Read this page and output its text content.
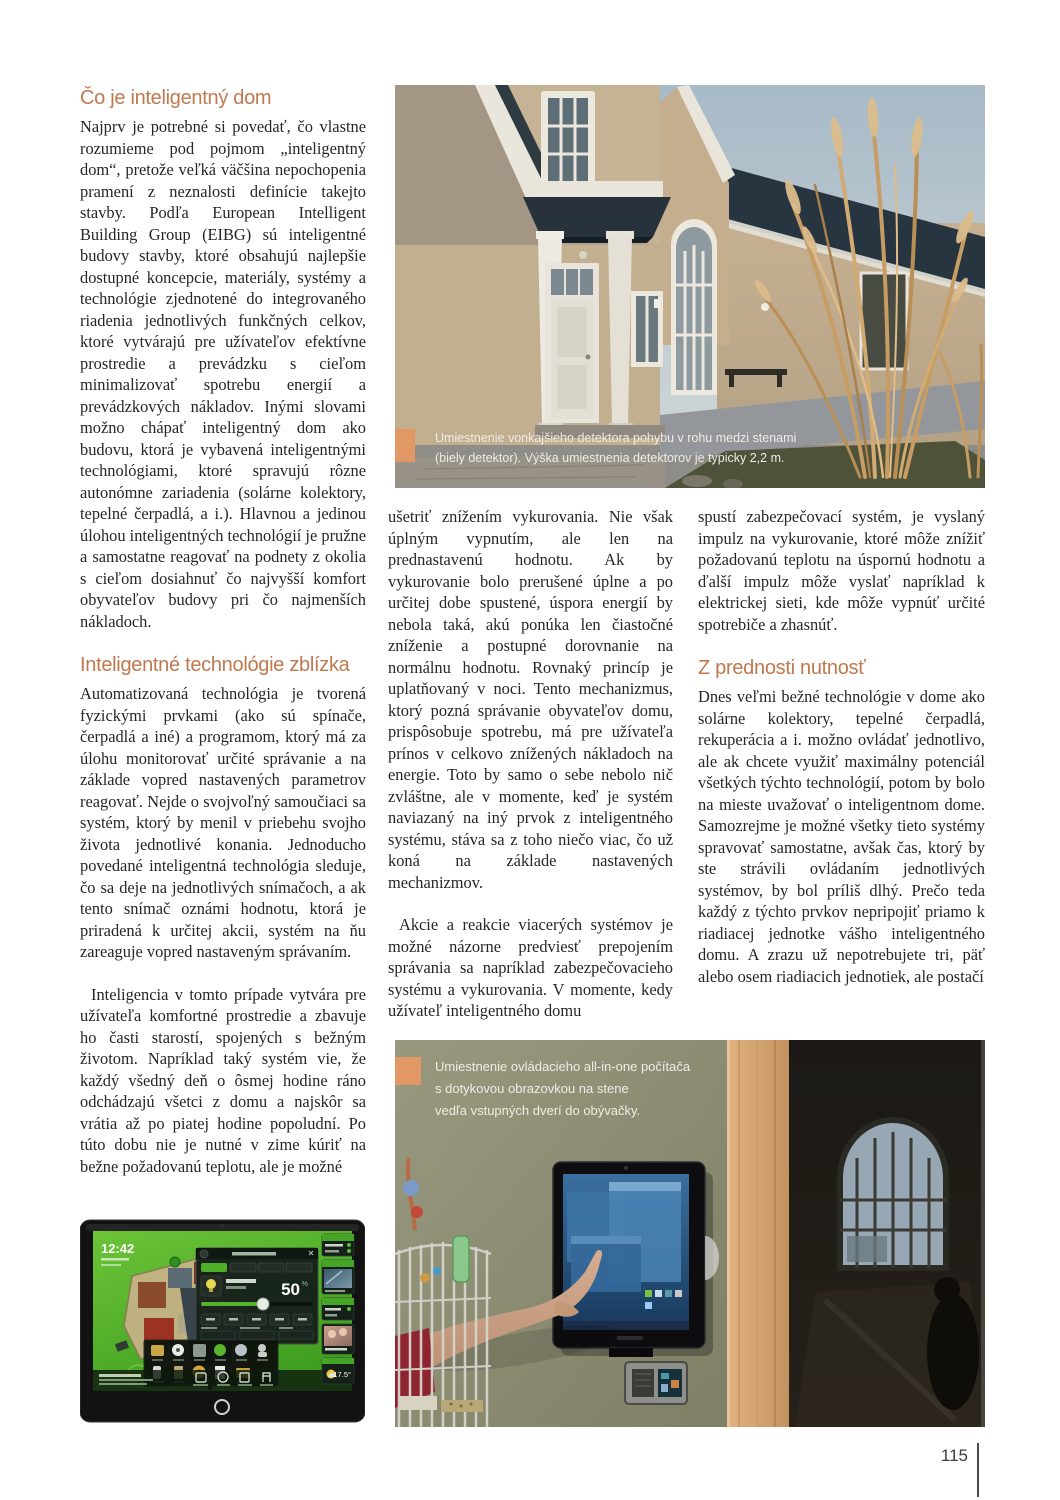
Čo je inteligentný dom

Najprv je potrebné si povedať, čo vlastne rozumieme pod pojmom „inteligentný dom“, pretože veľká väčšina nepochopenia pramení z neznalosti definície takejto stavby. Podľa European Intelligent Building Group (EIBG) sú inteligentné budovy stavby, ktoré obsahujú najlepšie dostupné koncepcie, materiály, systémy a technológie zjednotené do integrovaného riadenia jednotlivých funkčných celkov, ktoré vytvárajú pre užívateľov efektívne prostredie a prevádzku s cieľom minimalizovať spotrebu energií a prevádzkových nákladov. Inými slovami možno chápať inteligentný dom ako budovu, ktorá je vybavená inteligentnými technológiami, ktoré spravujú rôzne autonómne zariadenia (solárne kolektory, tepelné čerpadlá, a i.). Hlavnou a jedinou úlohou inteligentných technológií je pružne a samostatne reagovať na podnety z okolia s cieľom dosiahnuť čo najvyšší komfort obyvateľov budovy pri čo najmenších nákladoch.

Inteligentné technológie zblízka

Automatizovaná technológia je tvorená fyzickými prvkami (ako sú spínače, čerpadlá a iné) a programom, ktorý má za úlohu monitorovať určité správanie a na základe vopred nastavených parametrov reagovať. Nejde o svojvoľný samoučiaci sa systém, ktorý by menil v priebehu svojho života jednotlivé konania. Jednoducho povedané inteligentná technológia sleduje, čo sa deje na jednotlivých snímačoch, a ak tento snímač oznámi hodnotu, ktorá je priradená k určitej akcii, systém na ňu zareaguje vopred nastaveným správaním.

Inteligencia v tomto prípade vytvára pre užívateľa komfortné prostredie a zbavuje ho časti starostí, spojených s bežným životom. Napríklad taký systém vie, že každý všedný deň o ôsmej hodine ráno odchádzajú všetci z domu a najskôr sa vrátia až po piatej hodine popoludní. Po túto dobu nie je nutné v zime kúriť na bežne požadovanú teplotu, ale je možné

ušetriť znížením vykurovania. Nie však úplným vypnutím, ale len na prednastavenú hodnotu. Ak by vykurovanie bolo prerušené úplne a po určitej dobe spustené, úspora energií by nebola taká, akú ponúka len čiastočné zníženie a postupné dorovnanie na normálnu hodnotu. Rovnaký princíp je uplatňovaný v noci. Tento mechanizmus, ktorý pozná správanie obyvateľov domu, prispôsobuje spotrebu, má pre užívateľa prínos v celkovo znížených nákladoch na energie. Toto by samo o sebe nebolo nič zvláštne, ale v momente, keď je systém naviazaný na iný prvok z inteligentného systému, stáva sa z toho niečo viac, čo už koná na základe nastavených mechanizmov.

Akcie a reakcie viacerých systémov je možné názorne predviesť prepojením správania sa napríklad zabezpečovacieho systému a vykurovania. V momente, kedy užívateľ inteligentného domu

spustí zabezpečovací systém, je vyslaný impulz na vykurovanie, ktoré môže znížiť požadovanú teplotu na úspornú hodnotu a ďalší impulz môže vyslať napríklad k elektrickej sieti, kde môže vypnúť určité spotrebiče a zhasnúť.

Z prednosti nutnosť

Dnes veľmi bežné technológie v dome ako solárne kolektory, tepelné čerpadlá, rekuperácia a i. možno ovládať jednotlivo, ale ak chcete využiť maximálny potenciál všetkých týchto technológií, potom by bolo na mieste uvažovať o inteligentnom dome. Samozrejme je možné všetky tieto systémy spravovať samostatne, avšak čas, ktorý by ste strávili ovládaním jednotlivých systémov, by bol príliš dlhý. Prečo teda každý z týchto prvkov nepripojiť priamo k riadiacej jednotke vášho inteligentného domu. A zrazu už nepotrebujete tri, päť alebo osem riadiacich jednotiek, ale postačí

Umiestnenie vonkajšieho detektora pohybu v rohu medzi stenami
(biely detektor). Výška umiestnenia detektorov je typicky 2,2 m.
Umiestnenie ovládacieho all-in-one počítača
s dotykovou obrazovkou na stene
vedľa vstupných dverí do obývačky.
12:42
50 %
17.5°
115
